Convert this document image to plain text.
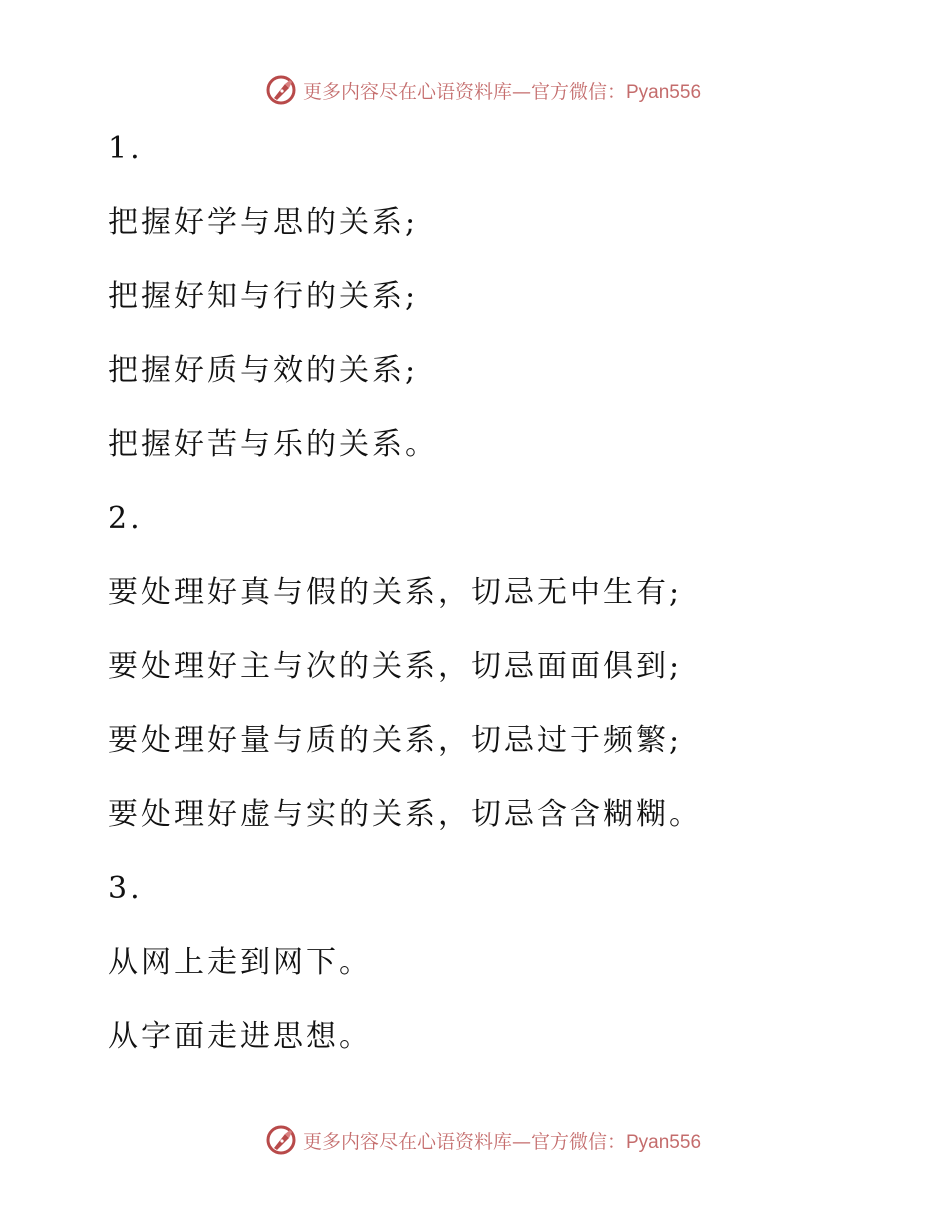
更多内容尽在心语资料库—官方微信：Pyan556
1.
把握好学与思的关系;
把握好知与行的关系;
把握好质与效的关系;
把握好苦与乐的关系。
2.
要处理好真与假的关系，切忌无中生有;
要处理好主与次的关系，切忌面面俱到;
要处理好量与质的关系，切忌过于频繁;
要处理好虚与实的关系，切忌含含糊糊。
3.
从网上走到网下。
从字面走进思想。
更多内容尽在心语资料库—官方微信：Pyan556
